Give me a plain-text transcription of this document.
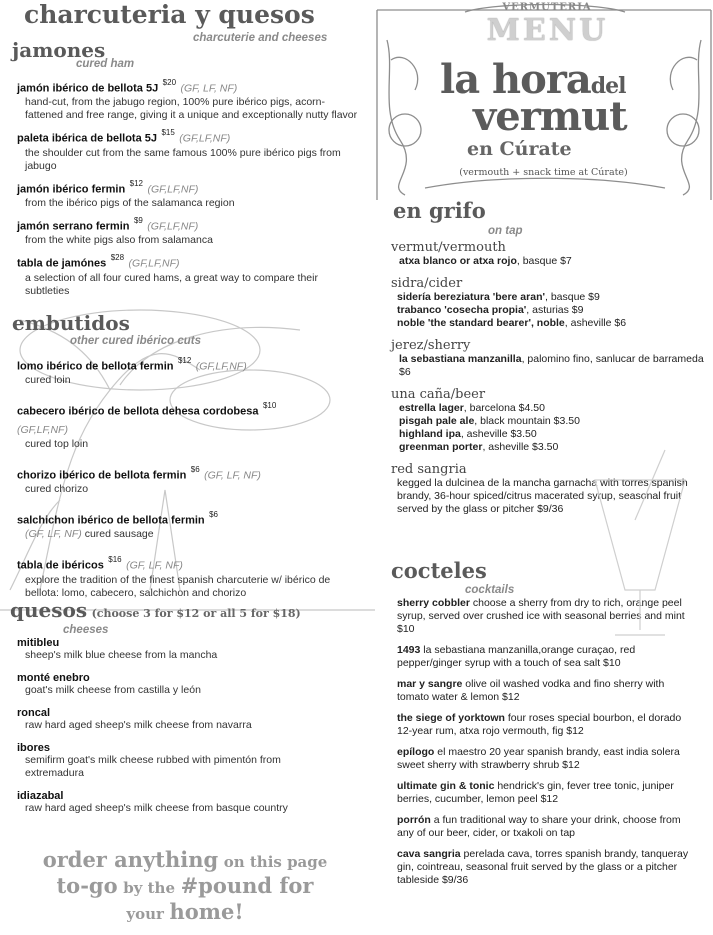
charcuteria y quesos
charcuterie and cheeses
jamones
cured ham
jamón ibérico de bellota 5J $^{\$20}$ (GF, LF, NF)
hand-cut, from the jabugo region, 100% pure ibérico pigs, acorn-fattened and free range, giving it a unique and exceptionally nutty flavor
paleta ibérica de bellota 5J $^{\$15}$ (GF,LF,NF)
the shoulder cut from the same famous 100% pure ibérico pigs from jabugo
jamón ibérico fermin $^{\$12}$ (GF,LF,NF)
from the ibérico pigs of the salamanca region
jamón serrano fermin $^{\$9}$ (GF,LF,NF)
from the white pigs also from salamanca
tabla de jamónes $^{\$28}$ (GF,LF,NF)
a selection of all four cured hams, a great way to compare their subtleties
embutidos
other cured ibérico cuts
lomo ibérico de bellota fermin $^{\$12}$ (GF,LF,NF)
cured loin
cabecero ibérico de bellota dehesa cordobesa $^{\$10}$ (GF,LF,NF)
cured top loin
chorizo ibérico de bellota fermin $^{\$6}$ (GF, LF, NF)
cured chorizo
salchichon ibérico de bellota fermin $^{\$6}$
(GF, LF, NF) cured sausage
tabla de ibéricos $^{\$16}$ (GF, LF, NF)
explore the tradition of the finest spanish charcuterie w/ ibérico de bellota: lomo, cabecero, salchichon and chorizo
quesos (choose 3 for $12 or all 5 for $18)
cheeses
mitibleu
sheep's milk blue cheese from la mancha
monté enebro
goat's milk cheese from castilla y león
roncal
raw hard aged sheep's milk cheese from navarra
ibores
semifirm goat's milk cheese rubbed with pimentón from extremadura
idiazabal
raw hard aged sheep's milk cheese from basque country
order anything on this page
to-go by the #pound for
your home!
VERMUTERIA
MENU
la horadel
vermut
en Cúrate
(vermouth + snack time at Cúrate)
en grifo
on tap
vermut/vermouth
atxa blanco or atxa rojo, basque $7
sidra/cider
sidería bereziatura 'bere aran', basque $9
trabanco 'cosecha propia', asturias $9
noble 'the standard bearer', noble, asheville $6
jerez/sherry
la sebastiana manzanilla, palomino fino, sanlucar de barrameda $6
una caña/beer
estrella lager, barcelona $4.50
pisgah pale ale, black mountain $3.50
highland ipa, asheville $3.50
greenman porter, asheville $3.50
red sangria
kegged la dulcinea de la mancha garnacha with torres spanish brandy, 36-hour spiced/citrus macerated syrup, seasonal fruit served by the glass or pitcher $9/36
cocteles
cocktails
sherry cobbler choose a sherry from dry to rich, orange peel syrup, served over crushed ice with seasonal berries and mint $10
1493 la sebastiana manzanilla,orange curaçao, red pepper/ginger syrup with a touch of sea salt $10
mar y sangre olive oil washed vodka and fino sherry with tomato water & lemon $12
the siege of yorktown four roses special bourbon, el dorado 12-year rum, atxa rojo vermouth, fig $12
epílogo el maestro 20 year spanish brandy, east india solera sweet sherry with strawberry shrub $12
ultimate gin & tonic hendrick's gin, fever tree tonic, juniper berries, cucumber, lemon peel $12
porrón a fun traditional way to share your drink, choose from any of our beer, cider, or txakoli on tap
cava sangria perelada cava, torres spanish brandy, tanqueray gin, cointreau, seasonal fruit served by the glass or a pitcher tableside $9/36
